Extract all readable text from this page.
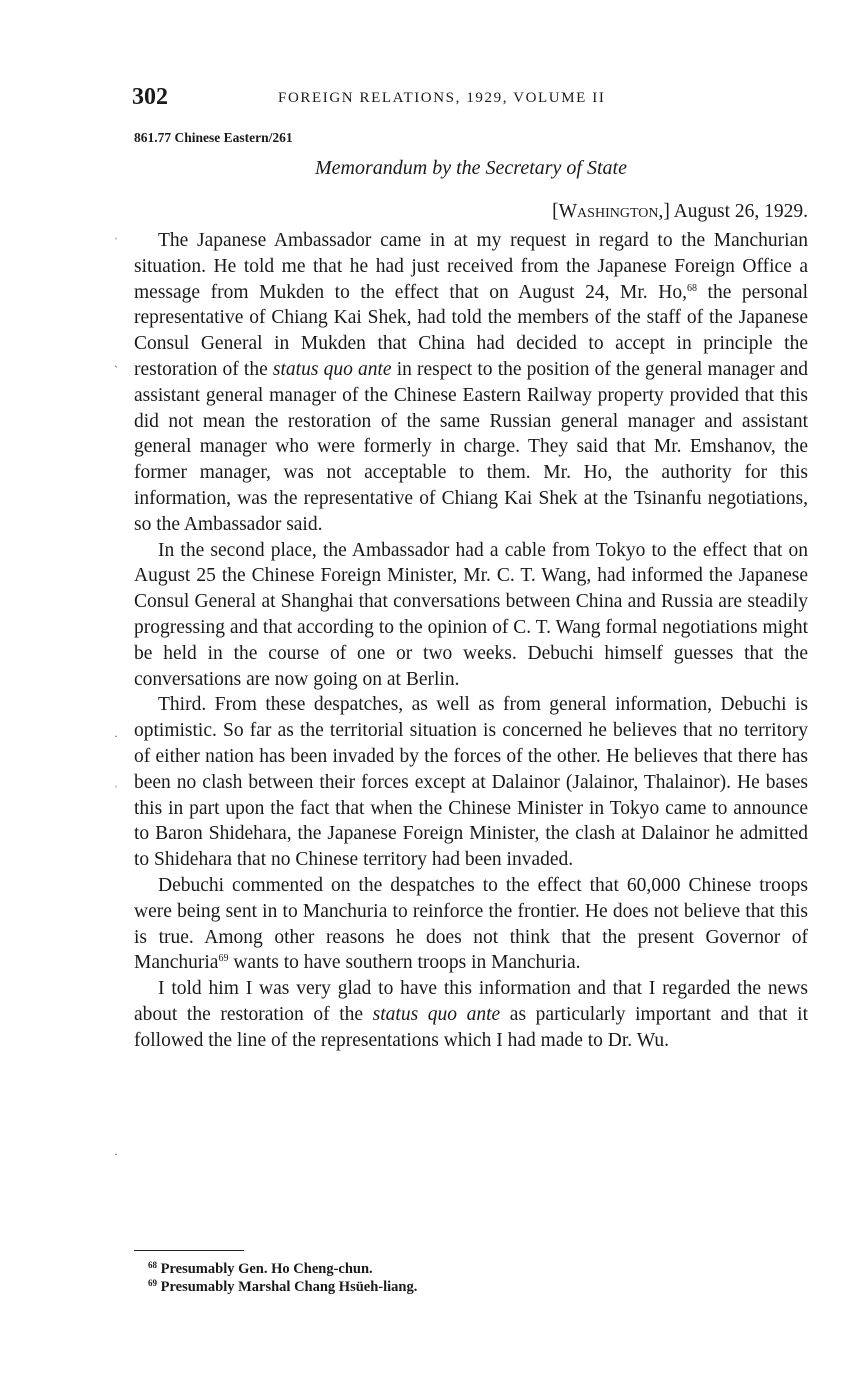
302	FOREIGN RELATIONS, 1929, VOLUME II
861.77 Chinese Eastern/261
Memorandum by the Secretary of State
[Washington,] August 26, 1929.

The Japanese Ambassador came in at my request in regard to the Manchurian situation. He told me that he had just received from the Japanese Foreign Office a message from Mukden to the effect that on August 24, Mr. Ho,$^{68}$ the personal representative of Chiang Kai Shek, had told the members of the staff of the Japanese Consul General in Mukden that China had decided to accept in principle the restoration of the status quo ante in respect to the position of the general manager and assistant general manager of the Chinese Eastern Railway property provided that this did not mean the restoration of the same Russian general manager and assistant general manager who were formerly in charge. They said that Mr. Emshanov, the former manager, was not acceptable to them. Mr. Ho, the authority for this information, was the representative of Chiang Kai Shek at the Tsinanfu negotiations, so the Ambassador said.

In the second place, the Ambassador had a cable from Tokyo to the effect that on August 25 the Chinese Foreign Minister, Mr. C. T. Wang, had informed the Japanese Consul General at Shanghai that conversations between China and Russia are steadily progressing and that according to the opinion of C. T. Wang formal negotiations might be held in the course of one or two weeks. Debuchi himself guesses that the conversations are now going on at Berlin.

Third. From these despatches, as well as from general information, Debuchi is optimistic. So far as the territorial situation is concerned he believes that no territory of either nation has been invaded by the forces of the other. He believes that there has been no clash between their forces except at Dalainor (Jalainor, Thalainor). He bases this in part upon the fact that when the Chinese Minister in Tokyo came to announce to Baron Shidehara, the Japanese Foreign Minister, the clash at Dalainor he admitted to Shidehara that no Chinese territory had been invaded.

Debuchi commented on the despatches to the effect that 60,000 Chinese troops were being sent in to Manchuria to reinforce the frontier. He does not believe that this is true. Among other reasons he does not think that the present Governor of Manchuria$^{69}$ wants to have southern troops in Manchuria.

I told him I was very glad to have this information and that I regarded the news about the restoration of the status quo ante as particularly important and that it followed the line of the representations which I had made to Dr. Wu.

ˈ
ˋ
·
ˈ
·
$^{68}$ Presumably Gen. Ho Cheng-chun.
$^{69}$ Presumably Marshal Chang Hsüeh-liang.
